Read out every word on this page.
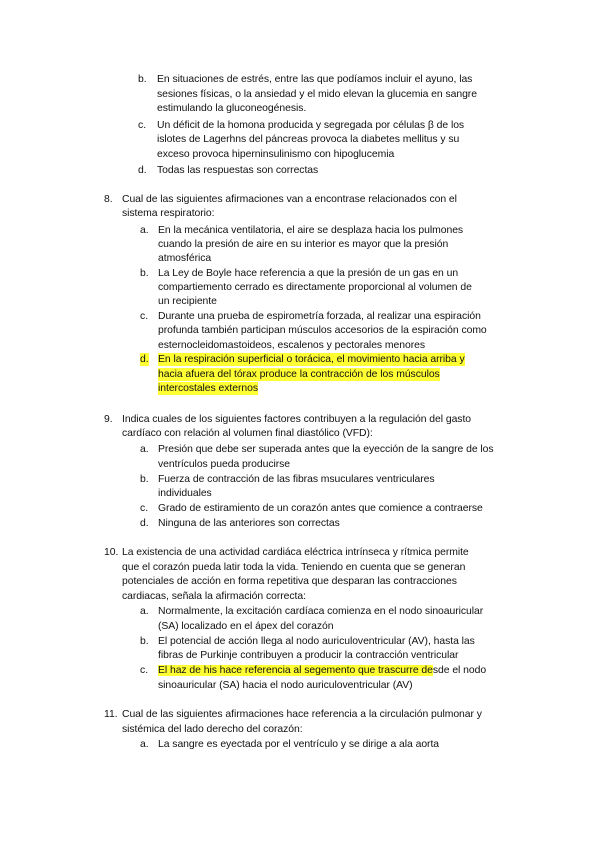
b. En situaciones de estrés, entre las que podíamos incluir el ayuno, las
sesiones físicas, o la ansiedad y el mido elevan la glucemia en sangre
estimulando la gluconeogénesis.
c. Un déficit de la homona producida y segregada por células β de los
islotes de Lagerhns del páncreas provoca la diabetes mellitus y su
exceso provoca hiperninsulinismo con hipoglucemia
d. Todas las respuestas son correctas
8. Cual de las siguientes afirmaciones van a encontrase relacionados con el
sistema respiratorio:
a. En la mecánica ventilatoria, el aire se desplaza hacia los pulmones
cuando la presión de aire en su interior es mayor que la presión
atmosférica
b. La Ley de Boyle hace referencia a que la presión de un gas en un
compartiemento cerrado es directamente proporcional al volumen de
un recipiente
c. Durante una prueba de espirometría forzada, al realizar una espiración
profunda también participan músculos accesorios de la espiración como
esternocleidomastoideos, escalenos y pectorales menores
d. En la respiración superficial o torácica, el movimiento hacia arriba y
hacia afuera del tórax produce la contracción de los músculos
intercostales externos
9. Indica cuales de los siguientes factores contribuyen a la regulación del gasto
cardíaco con relación al volumen final diastólico (VFD):
a. Presión que debe ser superada antes que la eyección de la sangre de los
ventrículos pueda producirse
b. Fuerza de contracción de las fibras msuculares ventriculares
individuales
c. Grado de estiramiento de un corazón antes que comience a contraerse
d. Ninguna de las anteriores son correctas
10. La existencia de una actividad cardiáca eléctrica intrínseca y rítmica permite
que el corazón pueda latir toda la vida. Teniendo en cuenta que se generan
potenciales de acción en forma repetitiva que desparan las contracciones
cardiacas, señala la afirmación correcta:
a. Normalmente, la excitación cardíaca comienza en el nodo sinoauricular
(SA) localizado en el ápex del corazón
b. El potencial de acción llega al nodo auriculoventricular (AV), hasta las
fibras de Purkinje contribuyen a producir la contracción ventricular
c. El haz de his hace referencia al segemento que trascurre desde el nodo
sinoauricular (SA) hacia el nodo auriculoventricular (AV)
11. Cual de las siguientes afirmaciones hace referencia a la circulación pulmonar y
sistémica del lado derecho del corazón:
a. La sangre es eyectada por el ventrículo y se dirige a ala aorta
